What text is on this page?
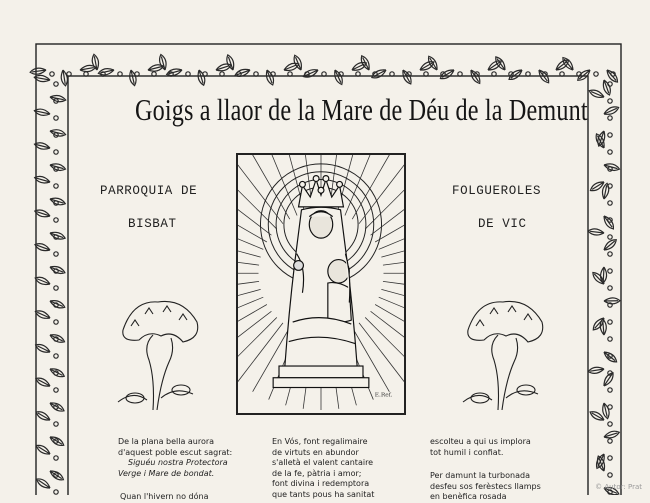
Goigs a llaor de la Mare de Déu de la Demunt
PARROQUIA DE
BISBAT
FOLGUEROLES
DE VIC
E.Ref.
De la plana bella aurora
d'aquest poble escut sagrat:
Siguéu nostra Protectora
Verge i Mare de bondat.
Quan l'hivern no dóna
En Vós, font regalimaire
de virtuts en abundor
s'alletà el valent cantaire
de la fe, pàtria i amor;
font divina i redemptora
que tants pous ha sanitat
escolteu a qui us implora
tot humil i confiat.
Per damunt la turbonada
desfeu sos ferèstecs llamps
en benèfica rosada
© Autor: Prat
